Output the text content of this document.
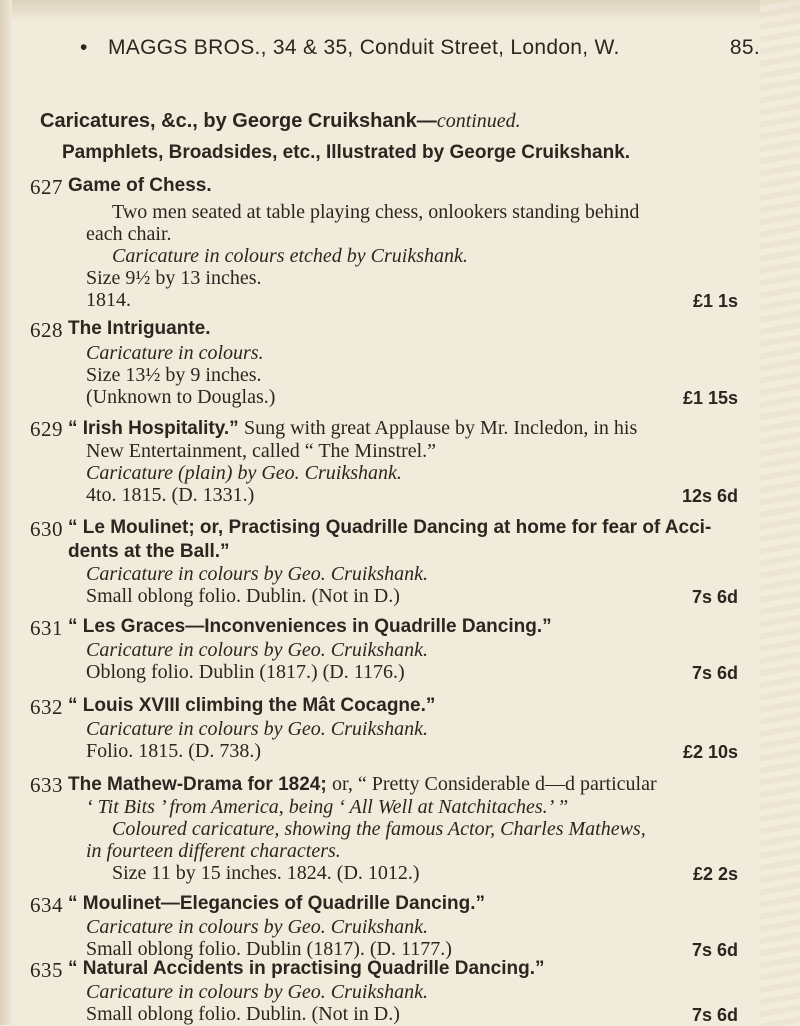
• MAGGS BROS., 34 & 35, Conduit Street, London, W.	85.
Caricatures, &c., by George Cruikshank—continued.
Pamphlets, Broadsides, etc., Illustrated by George Cruikshank.
627 Game of Chess.
Two men seated at table playing chess, onlookers standing behind
each chair.
Caricature in colours etched by Cruikshank.
Size 9½ by 13 inches.
1814.	£1 1s
628 The Intriguante.
Caricature in colours.
Size 13½ by 9 inches.
(Unknown to Douglas.)	£1 15s
629 “ Irish Hospitality.” Sung with great Applause by Mr. Incledon, in his
New Entertainment, called “ The Minstrel.”
Caricature (plain) by Geo. Cruikshank.
4to. 1815. (D. 1331.)	12s 6d
630 “ Le Moulinet; or, Practising Quadrille Dancing at home for fear of Acci-
dents at the Ball.”
Caricature in colours by Geo. Cruikshank.
Small oblong folio. Dublin. (Not in D.)	7s 6d
631 “ Les Graces—Inconveniences in Quadrille Dancing.”
Caricature in colours by Geo. Cruikshank.
Oblong folio. Dublin (1817.) (D. 1176.)	7s 6d
632 “ Louis XVIII climbing the Mât Cocagne.”
Caricature in colours by Geo. Cruikshank.
Folio. 1815. (D. 738.)	£2 10s
633 The Mathew-Drama for 1824; or, “ Pretty Considerable d—d particular
‘ Tit Bits ’ from America, being ‘ All Well at Natchitaches.’ ”
Coloured caricature, showing the famous Actor, Charles Mathews,
in fourteen different characters.
Size 11 by 15 inches. 1824. (D. 1012.)	£2 2s
634 “ Moulinet—Elegancies of Quadrille Dancing.”
Caricature in colours by Geo. Cruikshank.
Small oblong folio. Dublin (1817). (D. 1177.)	7s 6d
635 “ Natural Accidents in practising Quadrille Dancing.”
Caricature in colours by Geo. Cruikshank.
Small oblong folio. Dublin. (Not in D.)	7s 6d
